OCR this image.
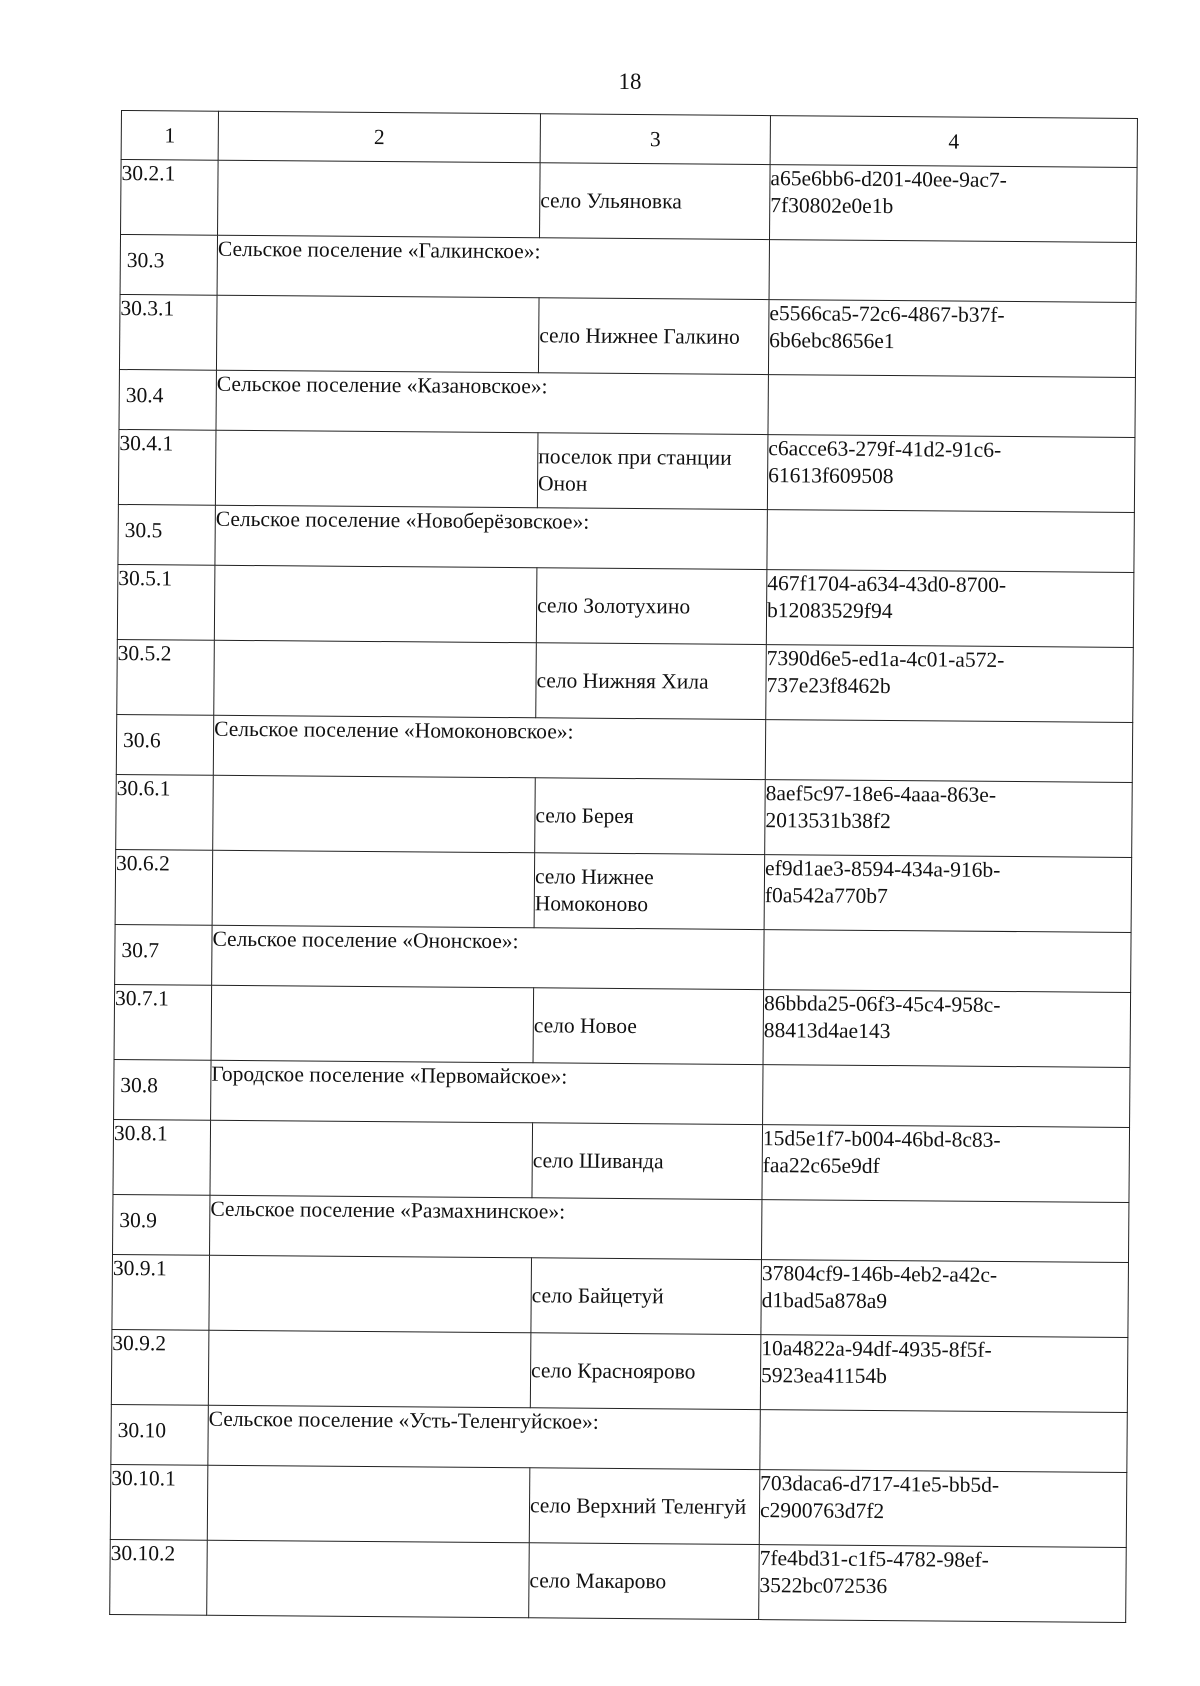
18
1	2	3	4
30.2.1		село Ульяновка	a65e6bb6-d201-40ee-9ac7-
7f30802e0e1b

30.3	Сельское поселение «Галкинское»:		
30.3.1		село Нижнее Галкино	e5566ca5-72c6-4867-b37f-
6b6ebc8656e1

30.4	Сельское поселение «Казановское»:		
30.4.1		поселок при станции Онон	c6acce63-279f-41d2-91c6-
61613f609508

30.5	Сельское поселение «Новоберёзовское»:		
30.5.1		село Золотухино	467f1704-a634-43d0-8700-
b12083529f94

30.5.2		село Нижняя Хила	7390d6e5-ed1a-4c01-a572-
737e23f8462b

30.6	Сельское поселение «Номоконовское»:		
30.6.1		село Берея	8aef5c97-18e6-4aaa-863e-
2013531b38f2

30.6.2		село Нижнее Номоконово	ef9d1ae3-8594-434a-916b-
f0a542a770b7

30.7	Сельское поселение «Ононское»:		
30.7.1		село Новое	86bbda25-06f3-45c4-958c-
88413d4ae143

30.8	Городское поселение «Первомайское»:		
30.8.1		село Шиванда	15d5e1f7-b004-46bd-8c83-
faa22c65e9df

30.9	Сельское поселение «Размахнинское»:		
30.9.1		село Байцетуй	37804cf9-146b-4eb2-a42c-
d1bad5a878a9

30.9.2		село Красноярово	10a4822a-94df-4935-8f5f-
5923ea41154b

30.10	Сельское поселение «Усть-Теленгуйское»:		
30.10.1		село Верхний Теленгуй	703daca6-d717-41e5-bb5d-
c2900763d7f2

30.10.2		село Макарово	7fe4bd31-c1f5-4782-98ef-
3522bc072536
